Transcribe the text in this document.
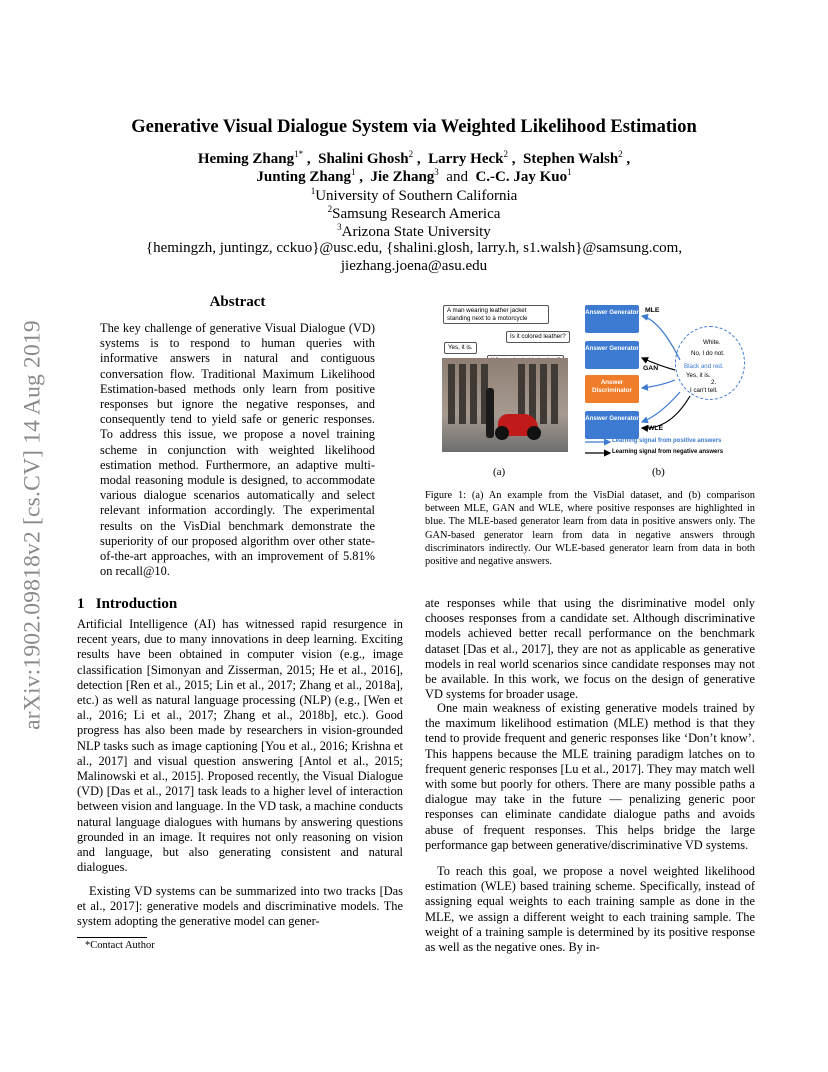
arXiv:1902.09818v2 [cs.CV] 14 Aug 2019
Generative Visual Dialogue System via Weighted Likelihood Estimation
Heming Zhang$^{1*}$ ,  Shalini Ghosh$^2$ ,  Larry Heck$^2$ ,  Stephen Walsh$^2$ ,
Junting Zhang$^1$ ,  Jie Zhang$^3$ and C.-C. Jay Kuo$^1$
$^1$University of Southern California
$^2$Samsung Research America
$^3$Arizona State University
{hemingzh, juntingz, cckuo}@usc.edu, {shalini.glosh, larry.h, s1.walsh}@samsung.com,
jiezhang.joena@asu.edu
Abstract
The key challenge of generative Visual Dialogue (VD) systems is to respond to human queries with informative answers in natural and contiguous conversation flow. Traditional Maximum Likelihood Estimation-based methods only learn from positive responses but ignore the negative responses, and consequently tend to yield safe or generic responses. To address this issue, we propose a novel training scheme in conjunction with weighted likelihood estimation method. Furthermore, an adaptive multi-modal reasoning module is designed, to accommodate various dialogue scenarios automatically and select relevant information accordingly. The experimental results on the VisDial benchmark demonstrate the superiority of our proposed algorithm over other state-of-the-art approaches, with an improvement of 5.81% on recall@10.
A man wearing leather jacket standing next to a motorcycle
Is it colored leather?
Yes, it is.
(a)
Answer Generator MLE
Answer Generator
GAN
Answer Discriminator
Answer Generator
WLE
White.
No, I do not.
Black and red.
Yes, it is.
2.
I can't tell.
Learning signal from positive answers
Learning signal from negative answers
(b)
Figure 1: (a) An example from the VisDial dataset, and (b) comparison between MLE, GAN and WLE, where positive responses are highlighted in blue. The MLE-based generator learn from data in positive answers only. The GAN-based generator learn from data in negative answers through discriminators indirectly. Our WLE-based generator learn from data in both positive and negative answers.
1 Introduction
Artificial Intelligence (AI) has witnessed rapid resurgence in recent years, due to many innovations in deep learning. Exciting results have been obtained in computer vision (e.g., image classification [Simonyan and Zisserman, 2015; He et al., 2016], detection [Ren et al., 2015; Lin et al., 2017; Zhang et al., 2018a], etc.) as well as natural language processing (NLP) (e.g., [Wen et al., 2016; Li et al., 2017; Zhang et al., 2018b], etc.). Good progress has also been made by researchers in vision-grounded NLP tasks such as image captioning [You et al., 2016; Krishna et al., 2017] and visual question answering [Antol et al., 2015; Malinowski et al., 2015]. Proposed recently, the Visual Dialogue (VD) [Das et al., 2017] task leads to a higher level of interaction between vision and language. In the VD task, a machine conducts natural language dialogues with humans by answering questions grounded in an image. It requires not only reasoning on vision and language, but also generating consistent and natural dialogues.
Existing VD systems can be summarized into two tracks [Das et al., 2017]: generative models and discriminative models. The system adopting the generative model can gener-
*Contact Author
ate responses while that using the disriminative model only chooses responses from a candidate set. Although discriminative models achieved better recall performance on the benchmark dataset [Das et al., 2017], they are not as applicable as generative models in real world scenarios since candidate responses may not be available. In this work, we focus on the design of generative VD systems for broader usage.
One main weakness of existing generative models trained by the maximum likelihood estimation (MLE) method is that they tend to provide frequent and generic responses like ‘Don’t know’. This happens because the MLE training paradigm latches on to frequent generic responses [Lu et al., 2017]. They may match well with some but poorly for others. There are many possible paths a dialogue may take in the future — penalizing generic poor responses can eliminate candidate dialogue paths and avoids abuse of frequent responses. This helps bridge the large performance gap between generative/discriminative VD systems.
To reach this goal, we propose a novel weighted likelihood estimation (WLE) based training scheme. Specifically, instead of assigning equal weights to each training sample as done in the MLE, we assign a different weight to each training sample. The weight of a training sample is determined by its positive response as well as the negative ones. By in-
